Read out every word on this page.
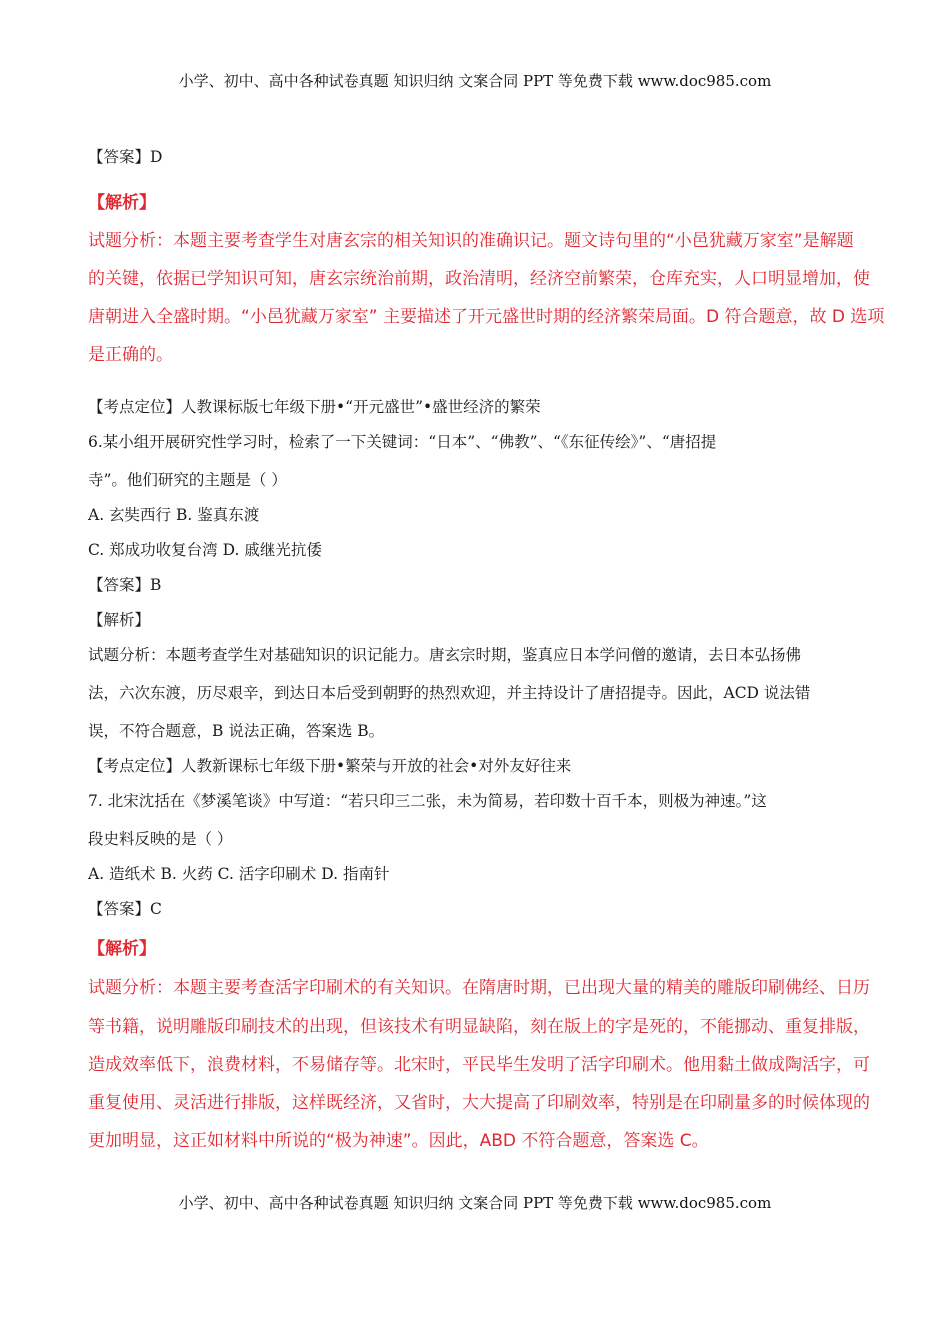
小学、初中、高中各种试卷真题 知识归纳 文案合同 PPT 等免费下载 www.doc985.com
【答案】D
【解析】
试题分析：本题主要考查学生对唐玄宗的相关知识的准确识记。题文诗句里的“小邑犹藏万家室”是解题
的关键，依据已学知识可知，唐玄宗统治前期，政治清明，经济空前繁荣，仓库充实，人口明显增加，使
唐朝进入全盛时期。“小邑犹藏万家室” 主要描述了开元盛世时期的经济繁荣局面。D 符合题意，故 D 选项
是正确的。
【考点定位】人教课标版七年级下册•“开元盛世”•盛世经济的繁荣
6.某小组开展研究性学习时，检索了一下关键词：“日本”、“佛教”、“《东征传绘》”、“唐招提
寺”。他们研究的主题是（ ）
A. 玄奘西行 B. 鉴真东渡
C. 郑成功收复台湾 D. 戚继光抗倭
【答案】B
【解析】
试题分析：本题考查学生对基础知识的识记能力。唐玄宗时期，鉴真应日本学问僧的邀请，去日本弘扬佛
法，六次东渡，历尽艰辛，到达日本后受到朝野的热烈欢迎，并主持设计了唐招提寺。因此，ACD 说法错
误，不符合题意，B 说法正确，答案选 B。
【考点定位】人教新课标七年级下册•繁荣与开放的社会•对外友好往来
7. 北宋沈括在《梦溪笔谈》中写道：“若只印三二张，未为简易，若印数十百千本，则极为神速。”这
段史料反映的是（ ）
A. 造纸术 B. 火药 C. 活字印刷术 D. 指南针
【答案】C
【解析】
试题分析：本题主要考查活字印刷术的有关知识。在隋唐时期，已出现大量的精美的雕版印刷佛经、日历
等书籍，说明雕版印刷技术的出现，但该技术有明显缺陷，刻在版上的字是死的，不能挪动、重复排版，
造成效率低下，浪费材料，不易储存等。北宋时，平民毕生发明了活字印刷术。他用黏土做成陶活字，可
重复使用、灵活进行排版，这样既经济，又省时，大大提高了印刷效率，特别是在印刷量多的时候体现的
更加明显，这正如材料中所说的“极为神速”。因此，ABD 不符合题意，答案选 C。
小学、初中、高中各种试卷真题 知识归纳 文案合同 PPT 等免费下载 www.doc985.com
